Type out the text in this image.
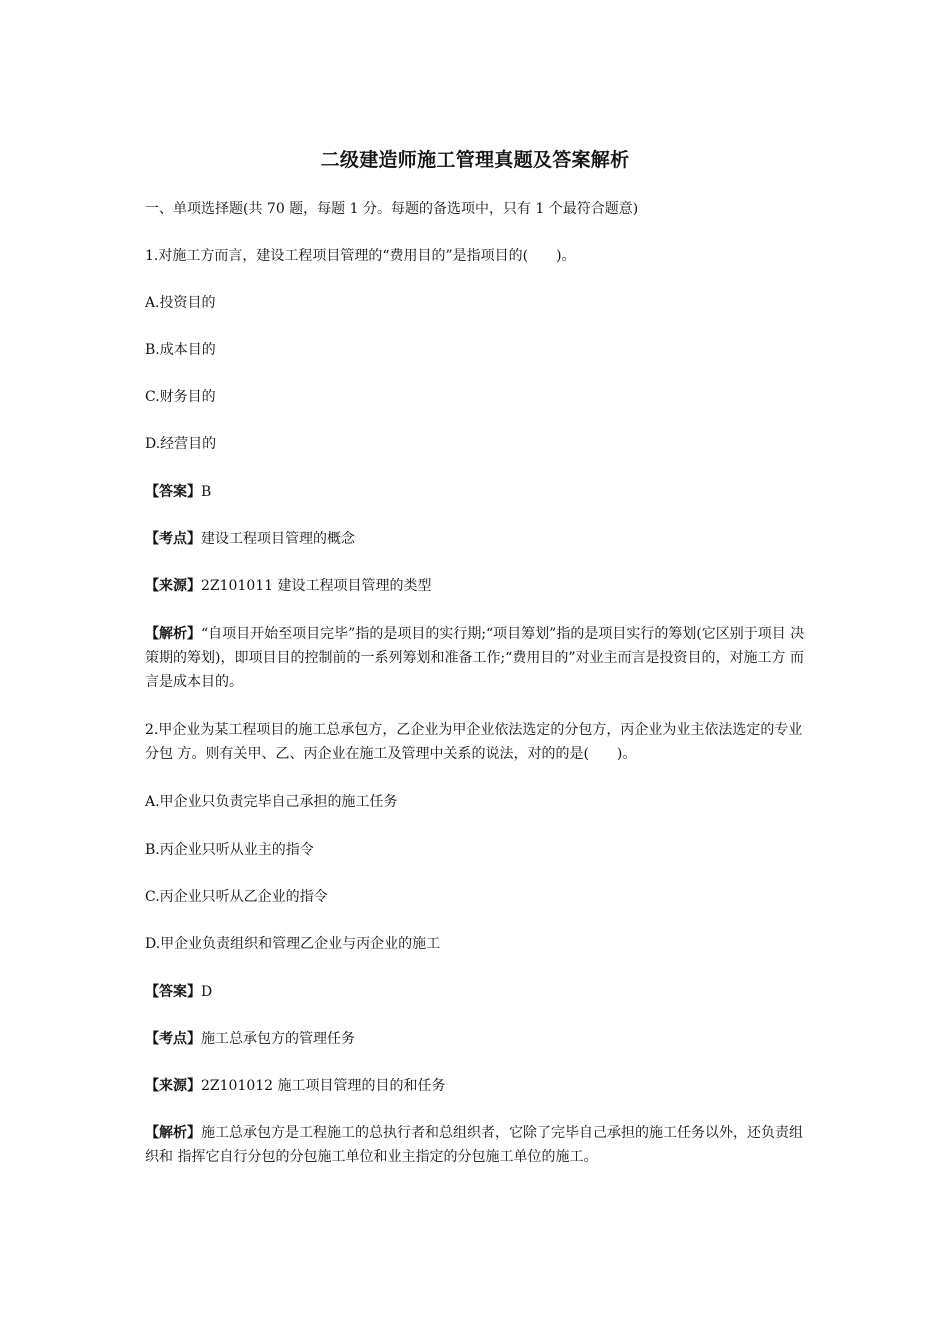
二级建造师施工管理真题及答案解析
一、单项选择题(共 70 题，每题 1 分。每题的备选项中，只有 1 个最符合题意)
1.对施工方而言，建设工程项目管理的“费用目的”是指项目的(　　)。
A.投资目的
B.成本目的
C.财务目的
D.经营目的
【答案】B
【考点】建设工程项目管理的概念
【来源】2Z101011 建设工程项目管理的类型
【解析】“自项目开始至项目完毕”指的是项目的实行期;“项目筹划”指的是项目实行的筹划(它区别于项目 决策期的筹划)，即项目目的控制前的一系列筹划和准备工作;“费用目的”对业主而言是投资目的，对施工方 而言是成本目的。
2.甲企业为某工程项目的施工总承包方，乙企业为甲企业依法选定的分包方，丙企业为业主依法选定的专业分包 方。则有关甲、乙、丙企业在施工及管理中关系的说法，对的的是(　　)。
A.甲企业只负责完毕自己承担的施工任务
B.丙企业只听从业主的指令
C.丙企业只听从乙企业的指令
D.甲企业负责组织和管理乙企业与丙企业的施工
【答案】D
【考点】施工总承包方的管理任务
【来源】2Z101012 施工项目管理的目的和任务
【解析】施工总承包方是工程施工的总执行者和总组织者，它除了完毕自己承担的施工任务以外，还负责组织和 指挥它自行分包的分包施工单位和业主指定的分包施工单位的施工。
